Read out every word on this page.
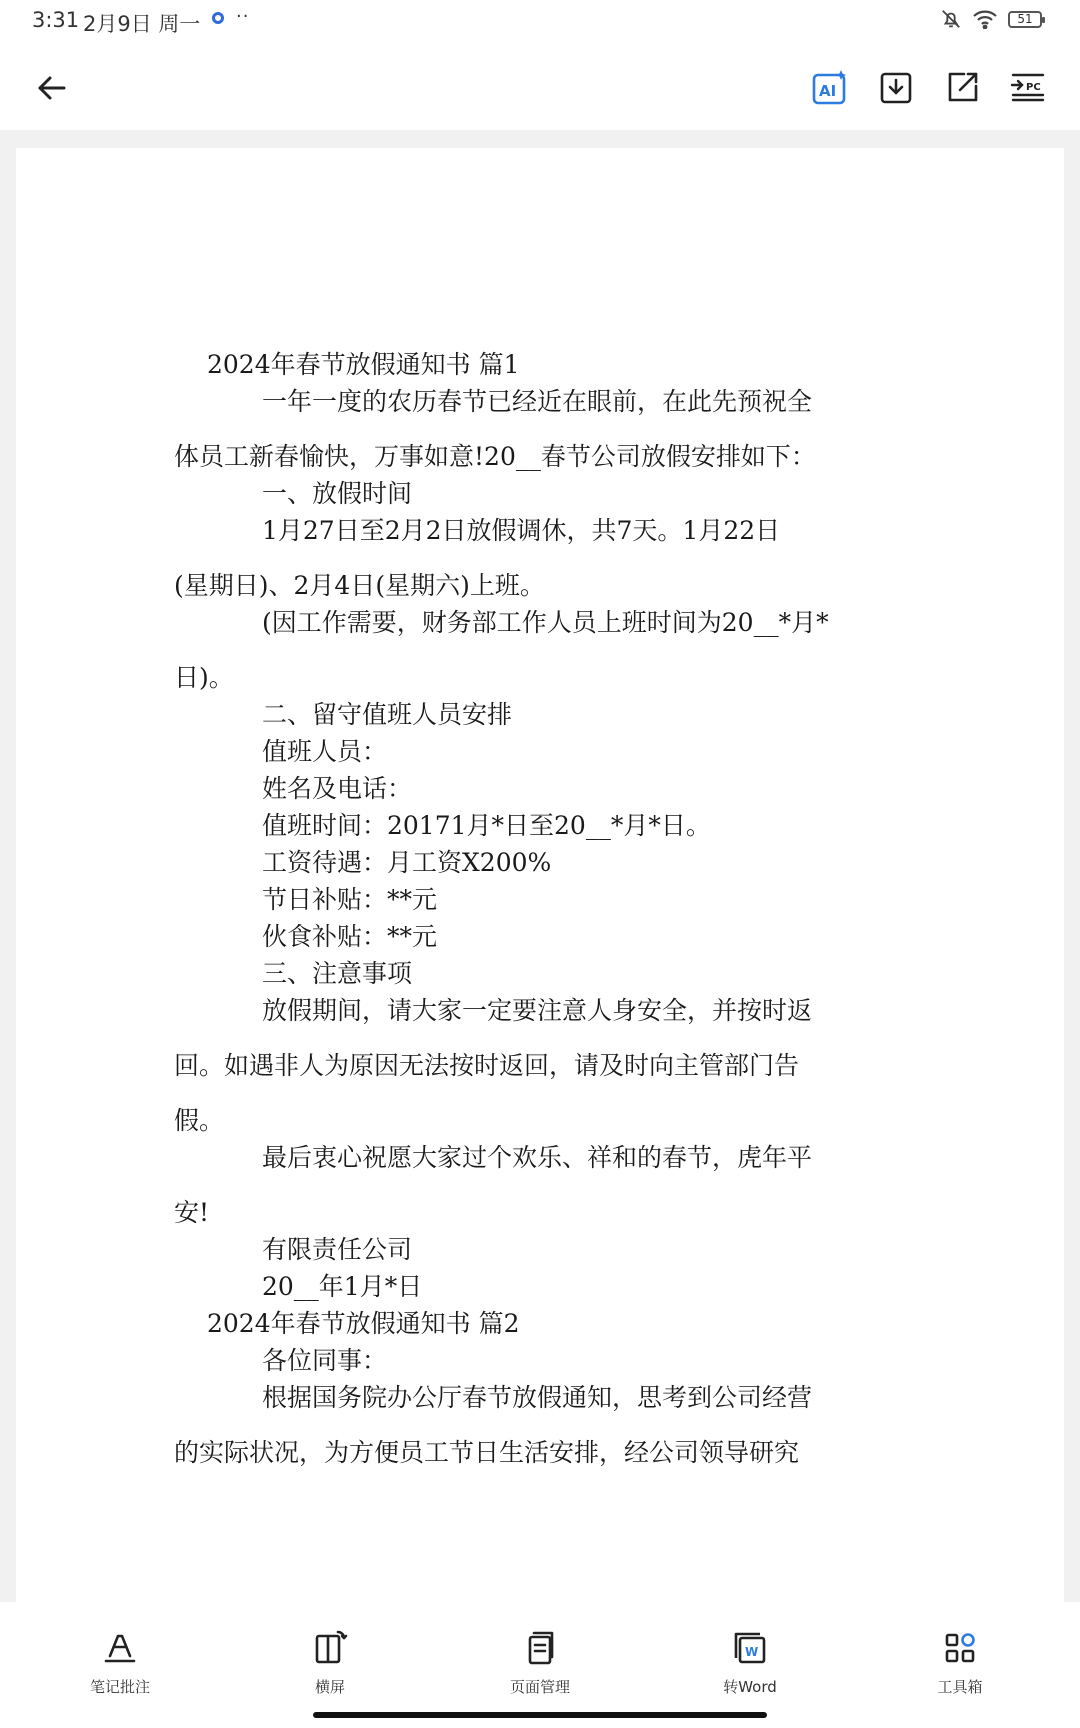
3:31 2月9日 周一 ··	51
AI	PC
2024年春节放假通知书 篇1
一年一度的农历春节已经近在眼前，在此先预祝全
体员工新春愉快，万事如意!20__春节公司放假安排如下：
一、放假时间
1月27日至2月2日放假调休，共7天。1月22日
(星期日)、2月4日(星期六)上班。
(因工作需要，财务部工作人员上班时间为20__*月*
日)。
二、留守值班人员安排
值班人员：
姓名及电话：
值班时间：20171月*日至20__*月*日。
工资待遇：月工资X200%
节日补贴：**元
伙食补贴：**元
三、注意事项
放假期间，请大家一定要注意人身安全，并按时返
回。如遇非人为原因无法按时返回，请及时向主管部门告
假。
最后衷心祝愿大家过个欢乐、祥和的春节，虎年平
安!
有限责任公司
20__年1月*日
2024年春节放假通知书 篇2
各位同事：
根据国务院办公厅春节放假通知，思考到公司经营
的实际状况，为方便员工节日生活安排，经公司领导研究
笔记批注	横屏	页面管理
W
转Word	工具箱
